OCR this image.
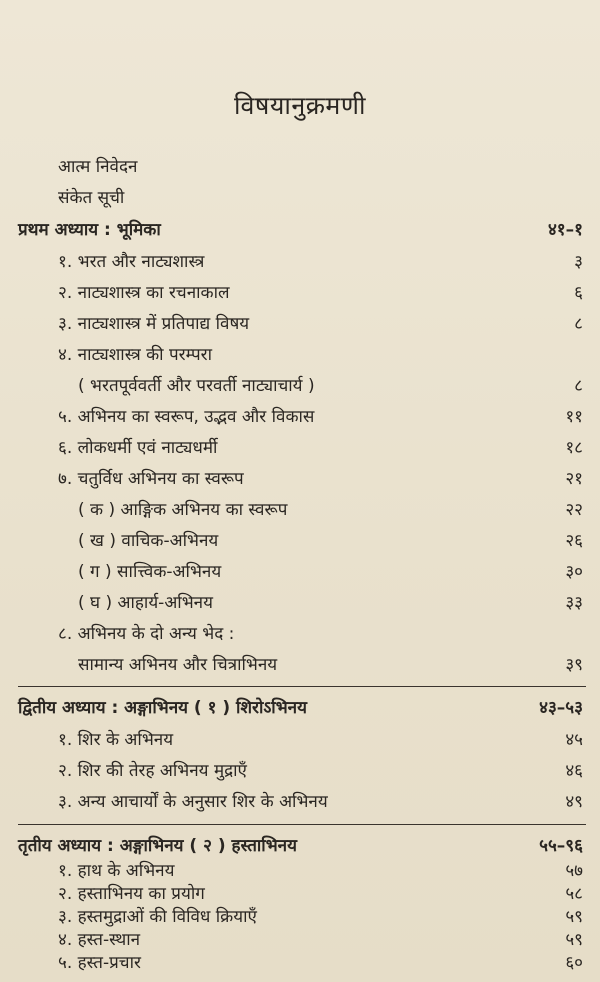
विषयानुक्रमणी
आत्म निवेदन
संकेत सूची
प्रथम अध्याय : भूमिका	४१–१
१. भरत और नाट्यशास्त्र	३
२. नाट्यशास्त्र का रचनाकाल	६
३. नाट्यशास्त्र में प्रतिपाद्य विषय	८
४. नाट्यशास्त्र की परम्परा
( भरतपूर्ववर्ती और परवर्ती नाट्याचार्य )	८
५. अभिनय का स्वरूप, उद्भव और विकास	११
६. लोकधर्मी एवं नाट्यधर्मी	१८
७. चतुर्विध अभिनय का स्वरूप	२१
( क ) आङ्गिक अभिनय का स्वरूप	२२
( ख ) वाचिक-अभिनय	२६
( ग ) सात्त्विक-अभिनय	३०
( घ ) आहार्य-अभिनय	३३
८. अभिनय के दो अन्य भेद :
सामान्य अभिनय और चित्राभिनय	३९
द्वितीय अध्याय : अङ्गाभिनय ( १ ) शिरोऽभिनय	४३–५३
१. शिर के अभिनय	४५
२. शिर की तेरह अभिनय मुद्राएँ	४६
३. अन्य आचार्यों के अनुसार शिर के अभिनय	४९
तृतीय अध्याय : अङ्गाभिनय ( २ ) हस्ताभिनय	५५–९६
१. हाथ के अभिनय	५७
२. हस्ताभिनय का प्रयोग	५८
३. हस्तमुद्राओं की विविध क्रियाएँ	५९
४. हस्त-स्थान	५९
५. हस्त-प्रचार	६०
